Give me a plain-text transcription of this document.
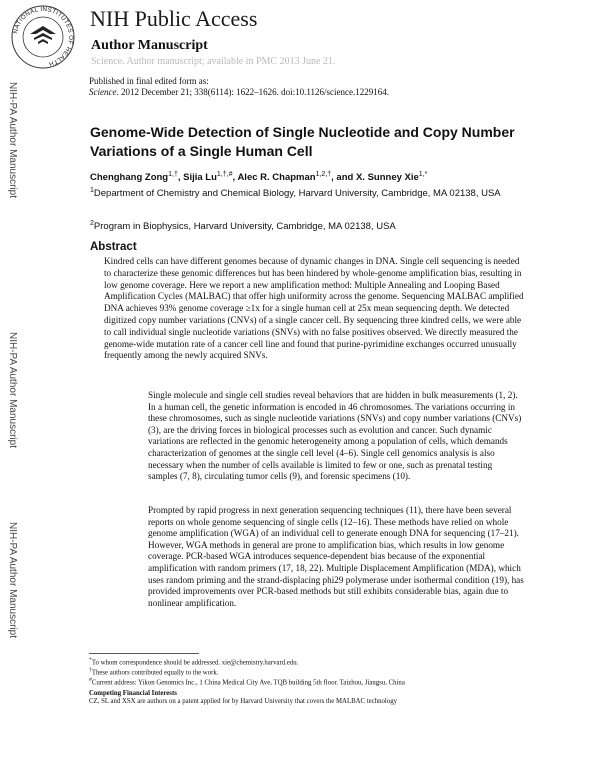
NATIONAL INSTITUTES OF HEALTH
NIH Public Access
Author Manuscript
Science. Author manuscript; available in PMC 2013 June 21.
Published in final edited form as:
Science. 2012 December 21; 338(6114): 1622–1626. doi:10.1126/science.1229164.
NIH-PA Author Manuscript
NIH-PA Author Manuscript
NIH-PA Author Manuscript
Genome-Wide Detection of Single Nucleotide and Copy Number Variations of a Single Human Cell
Chenghang Zong$^{1,\dagger}$, Sijia $Lu^{1,\dagger,\#}$, Alec R. Chapman$^{1,2,\dagger}$, and X. Sunney Xie$^{1,*}$
$^1$Department of Chemistry and Chemical Biology, Harvard University, Cambridge, MA 02138, USA
$^2$Program in Biophysics, Harvard University, Cambridge, MA 02138, USA
Abstract
Kindred cells can have different genomes because of dynamic changes in DNA. Single cell sequencing is needed to characterize these genomic differences but has been hindered by whole-genome amplification bias, resulting in low genome coverage. Here we report a new amplification method: Multiple Annealing and Looping Based Amplification Cycles (MALBAC) that offer high uniformity across the genome. Sequencing MALBAC amplified DNA achieves 93% genome coverage ≥1x for a single human cell at 25x mean sequencing depth. We detected digitized copy number variations (CNVs) of a single cancer cell. By sequencing three kindred cells, we were able to call individual single nucleotide variations (SNVs) with no false positives observed. We directly measured the genome-wide mutation rate of a cancer cell line and found that purine-pyrimidine exchanges occurred unusually frequently among the newly acquired SNVs.
Single molecule and single cell studies reveal behaviors that are hidden in bulk measurements (1, 2). In a human cell, the genetic information is encoded in 46 chromosomes. The variations occurring in these chromosomes, such as single nucleotide variations (SNVs) and copy number variations (CNVs) (3), are the driving forces in biological processes such as evolution and cancer. Such dynamic variations are reflected in the genomic heterogeneity among a population of cells, which demands characterization of genomes at the single cell level (4–6). Single cell genomics analysis is also necessary when the number of cells available is limited to few or one, such as prenatal testing samples (7, 8), circulating tumor cells (9), and forensic specimens (10).
Prompted by rapid progress in next generation sequencing techniques (11), there have been several reports on whole genome sequencing of single cells (12–16). These methods have relied on whole genome amplification (WGA) of an individual cell to generate enough DNA for sequencing (17–21). However, WGA methods in general are prone to amplification bias, which results in low genome coverage. PCR-based WGA introduces sequence-dependent bias because of the exponential amplification with random primers (17, 18, 22). Multiple Displacement Amplification (MDA), which uses random priming and the strand-displacing phi29 polymerase under isothermal condition (19), has provided improvements over PCR-based methods but still exhibits considerable bias, again due to nonlinear amplification.
*To whom correspondence should be addressed. xie@chemistry.harvard.edu.
†These authors contributed equally to the work.
#Current address: Yikon Genomics Inc., 1 China Medical City Ave, TQB building 5th floor. Taizhou, Jiangsu, China
Competing Financial Interests
CZ, SL and XSX are authors on a patent applied for by Harvard University that covers the MALBAC technology
